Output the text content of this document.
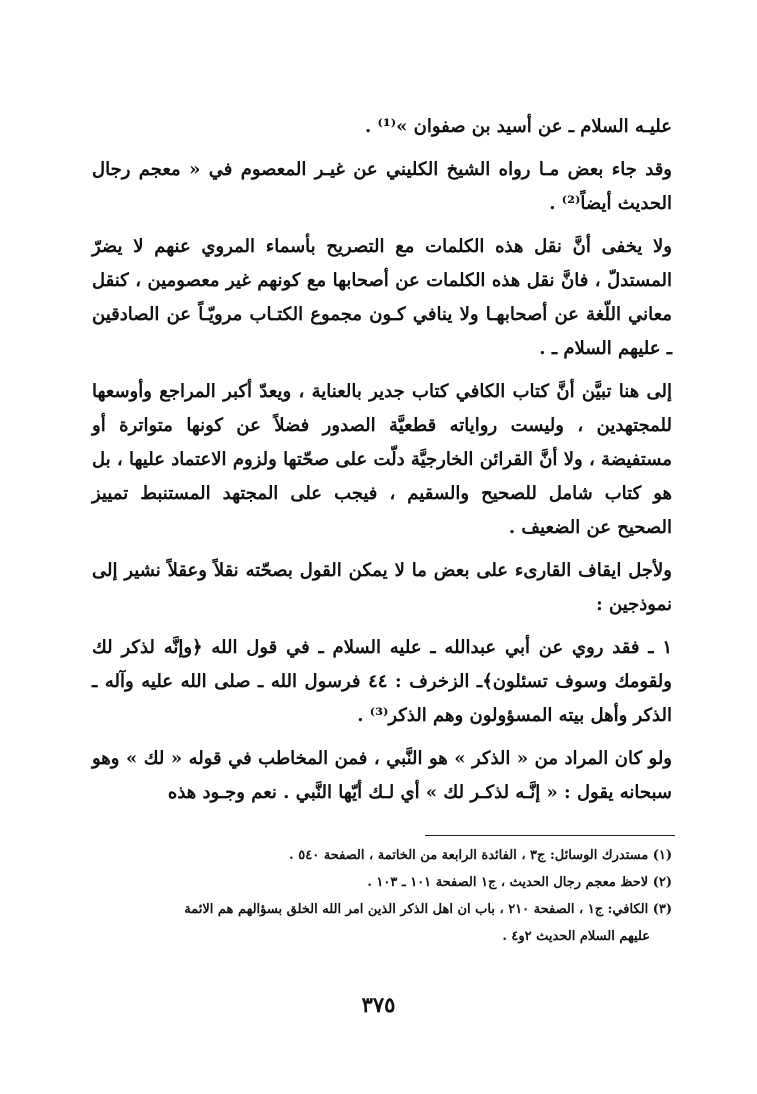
عليـه السلام ـ عن أسيد بن صفوان »⁽¹⁾ .

وقد جاء بعض مـا رواه الشيخ الكليني عن غيـر المعصوم في « معجم رجال الحديث أيضاً⁽²⁾ .

ولا يخفى أنَّ نقل هذه الكلمات مع التصريح بأسماء المروي عنهم لا يضرّ المستدلّ ، فانَّ نقل هذه الكلمات عن أصحابها مع كونهم غير معصومين ، كنقل معاني اللّغة عن أصحابهـا ولا ينافي كـون مجموع الكتـاب مرويّـاً عن الصادقين ـ عليهم السلام ـ .

إلى هنا تبيَّن أنَّ كتاب الكافي كتاب جدير بالعناية ، ويعدّ أكبر المراجع وأوسعها للمجتهدين ، وليست رواياته قطعيَّة الصدور فضلاً عن كونها متواترة أو مستفيضة ، ولا أنَّ القرائن الخارجيَّة دلّت على صحّتها ولزوم الاعتماد عليها ، بل هو كتاب شامل للصحيح والسقيم ، فيجب على المجتهد المستنبط تمييز الصحيح عن الضعيف .

ولأجل ايقاف القارىء على بعض ما لا يمكن القول بصحّته نقلاً وعقلاً نشير إلى نموذجين :

١ ـ فقد روي عن أبي عبدالله ـ عليه السلام ـ في قول الله ﴿وإنَّه لذكر لك ولقومك وسوف تسئلون﴾ـ الزخرف : ٤٤ فرسول الله ـ صلى الله عليه وآله ـ الذكر وأهل بيته المسؤولون وهم الذكر⁽³⁾ .

ولو كان المراد من « الذكر » هو النَّبي ، فمن المخاطب في قوله « لك » وهو سبحانه يقول : « إنَّـه لذكـر لك » أي لـك أيّها النَّبي . نعم وجـود هذه

(١) مستدرك الوسائل: ج٣ ، الفائدة الرابعة من الخاتمة ، الصفحة ٥٤٠ .

(٢) لاحظ معجم رجال الحديث ، ج١ الصفحة ١٠١ ـ ١٠٣ .

(٣) الكافي: ج١ ، الصفحة ٢١٠ ، باب ان اهل الذكر الذين امر الله الخلق بسؤالهم هم الائمة
عليهم السلام الحديث ٢و٤ .

٣٧٥
